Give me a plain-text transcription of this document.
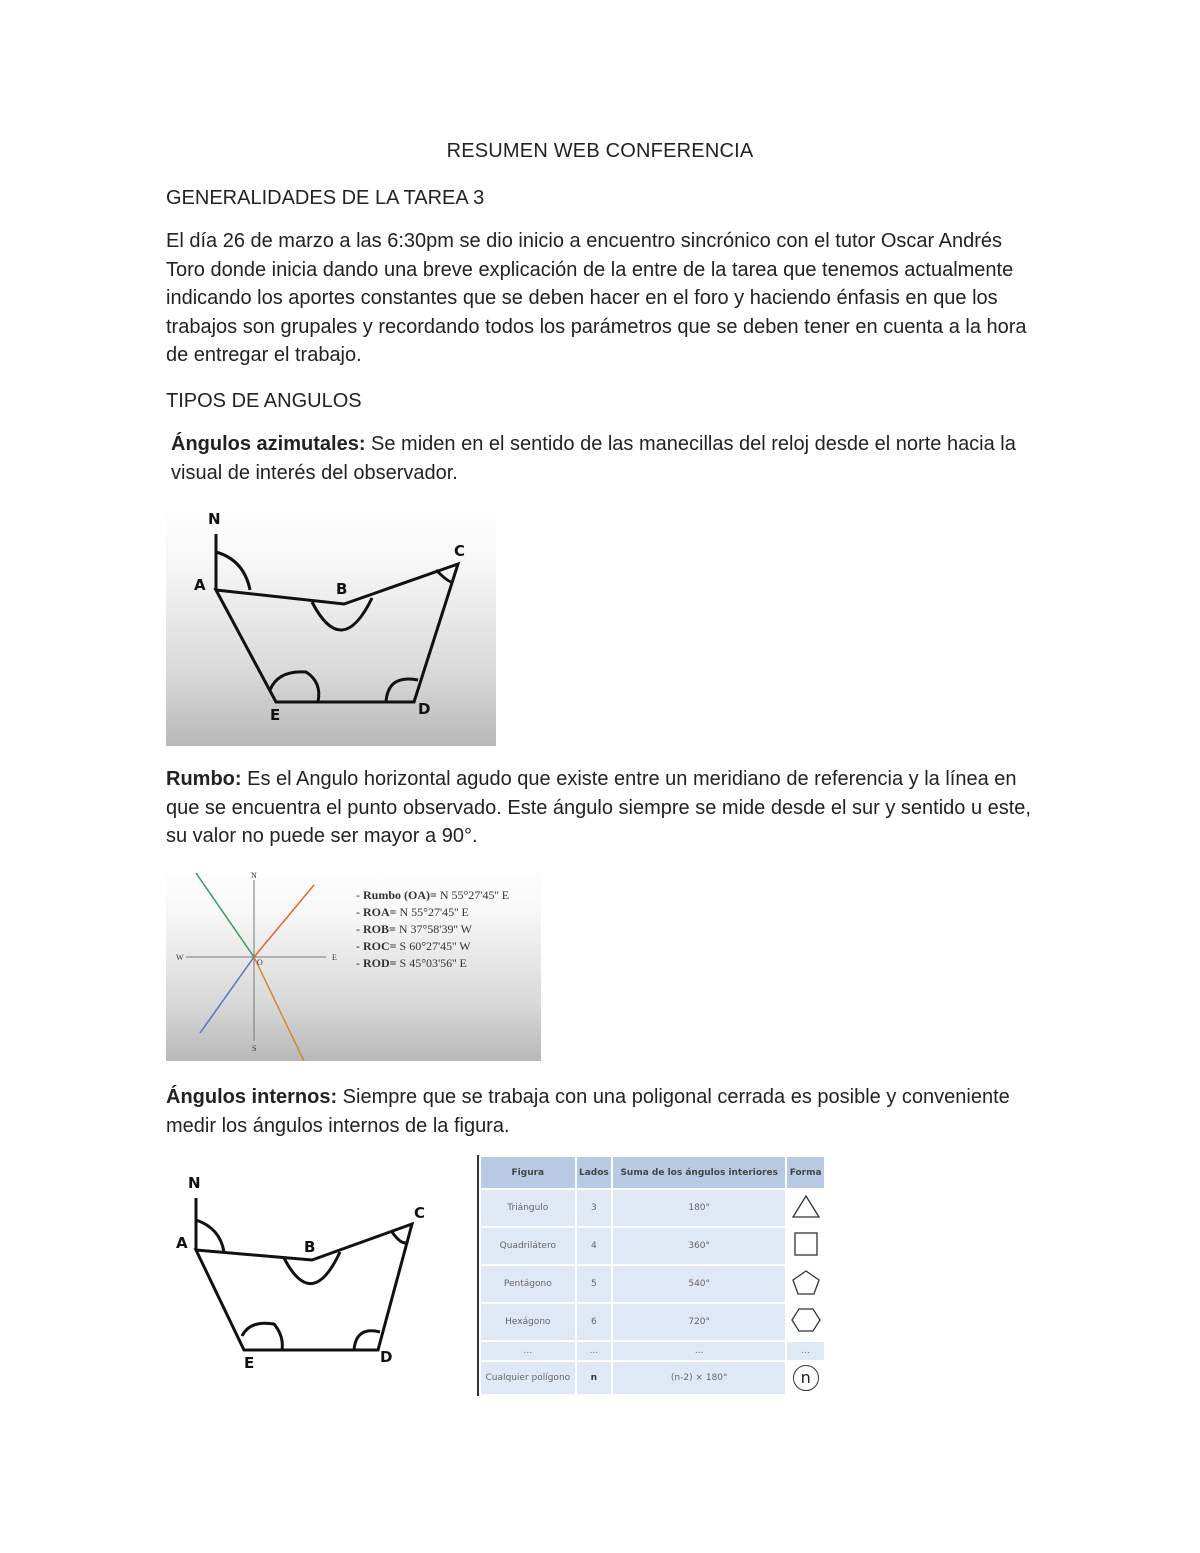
RESUMEN WEB CONFERENCIA
GENERALIDADES DE LA TAREA 3
El día 26 de marzo a las 6:30pm se dio inicio a encuentro sincrónico con el tutor Oscar Andrés Toro donde inicia dando una breve explicación de la entre de la tarea que tenemos actualmente indicando los aportes constantes que se deben hacer en el foro y haciendo énfasis en que los trabajos son grupales y recordando todos los parámetros que se deben tener en cuenta a la hora de entregar el trabajo.
TIPOS DE ANGULOS
Ángulos azimutales: Se miden en el sentido de las manecillas del reloj desde el norte hacia la visual de interés del observador.
N
A	B
C
D
E
Rumbo: Es el Angulo horizontal agudo que existe entre un meridiano de referencia y la línea en que se encuentra el punto observado. Este ángulo siempre se mide desde el sur y sentido u este, su valor no puede ser mayor a 90°.
N
S
E
W
O
- Rumbo (OA)= N 55°27'45'' E
- ROA= N 55°27'45'' E
- ROB= N 37°58'39'' W
- ROC= S 60°27'45'' W
- ROD= S 45°03'56'' E
Ángulos internos: Siempre que se trabaja con una poligonal cerrada es posible y conveniente medir los ángulos internos de la figura.
N
A	B
C
D
E
Figura	Lados	Suma de los ángulos interiores	Forma
Triángulo	3	180°	
Quadrilátero	4	360°	
Pentágono	5	540°	
Hexágono	6	720°	
...	...	...	...
Cualquier polígono	n	(n-2) × 180°	n
